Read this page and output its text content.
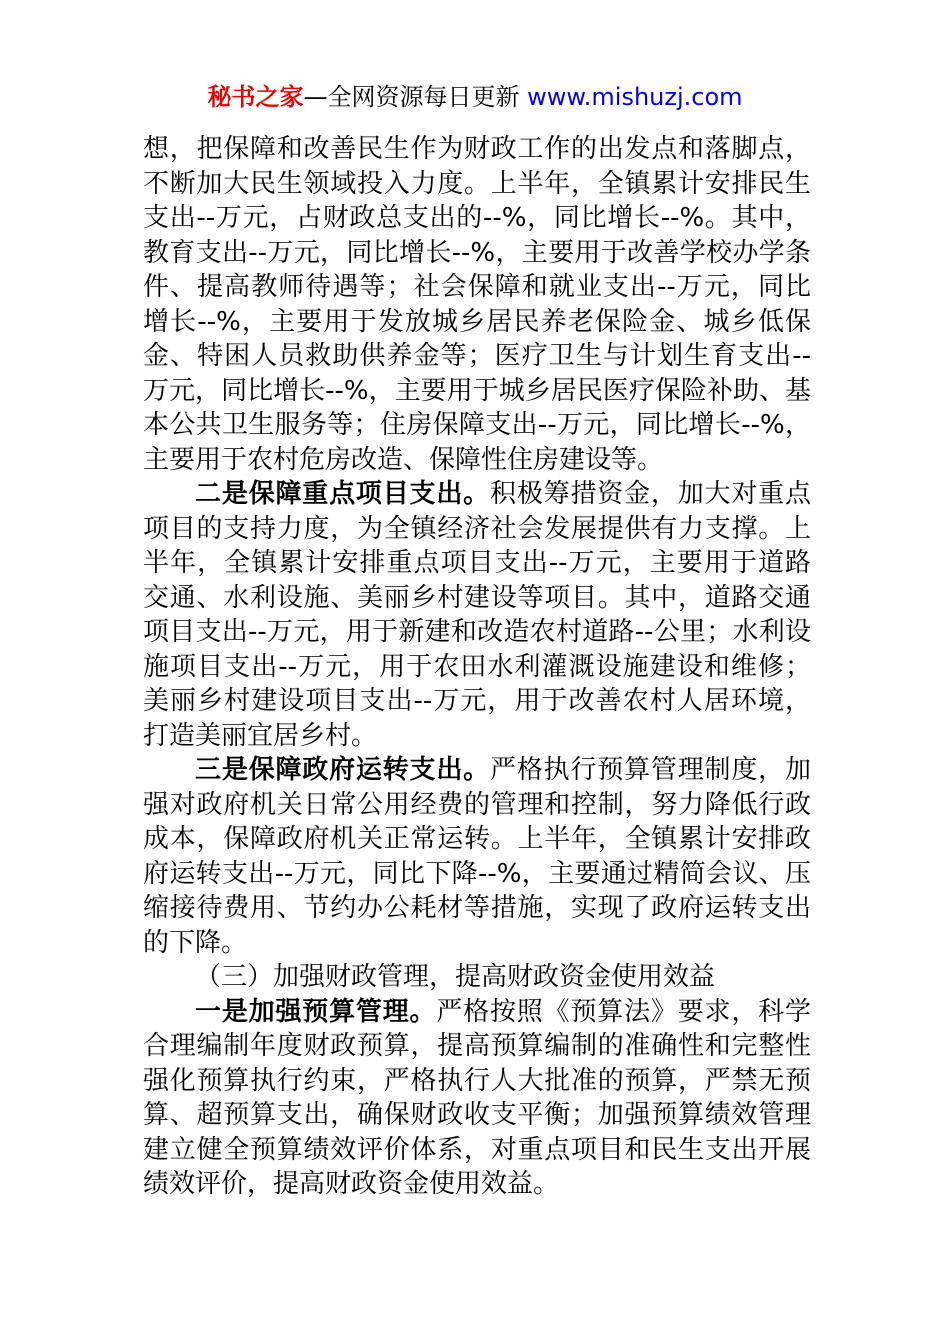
秘书之家—全网资源每日更新 www.mishuzj.com

想，把保障和改善民生作为财政工作的出发点和落脚点，不断加大民生领域投入力度。上半年，全镇累计安排民生支出--万元，占财政总支出的--%，同比增长--%。其中，教育支出--万元，同比增长--%，主要用于改善学校办学条件、提高教师待遇等；社会保障和就业支出--万元，同比增长--%，主要用于发放城乡居民养老保险金、城乡低保金、特困人员救助供养金等；医疗卫生与计划生育支出--万元，同比增长--%，主要用于城乡居民医疗保险补助、基本公共卫生服务等；住房保障支出--万元，同比增长--%，主要用于农村危房改造、保障性住房建设等。

二是保障重点项目支出。积极筹措资金，加大对重点项目的支持力度，为全镇经济社会发展提供有力支撑。上半年，全镇累计安排重点项目支出--万元，主要用于道路交通、水利设施、美丽乡村建设等项目。其中，道路交通项目支出--万元，用于新建和改造农村道路--公里；水利设施项目支出--万元，用于农田水利灌溉设施建设和维修；美丽乡村建设项目支出--万元，用于改善农村人居环境，打造美丽宜居乡村。

三是保障政府运转支出。严格执行预算管理制度，加强对政府机关日常公用经费的管理和控制，努力降低行政成本，保障政府机关正常运转。上半年，全镇累计安排政府运转支出--万元，同比下降--%，主要通过精简会议、压缩接待费用、节约办公耗材等措施，实现了政府运转支出的下降。

（三）加强财政管理，提高财政资金使用效益

一是加强预算管理。严格按照《预算法》要求，科学合理编制年度财政预算，提高预算编制的准确性和完整性强化预算执行约束，严格执行人大批准的预算，严禁无预算、超预算支出，确保财政收支平衡；加强预算绩效管理建立健全预算绩效评价体系，对重点项目和民生支出开展绩效评价，提高财政资金使用效益。
